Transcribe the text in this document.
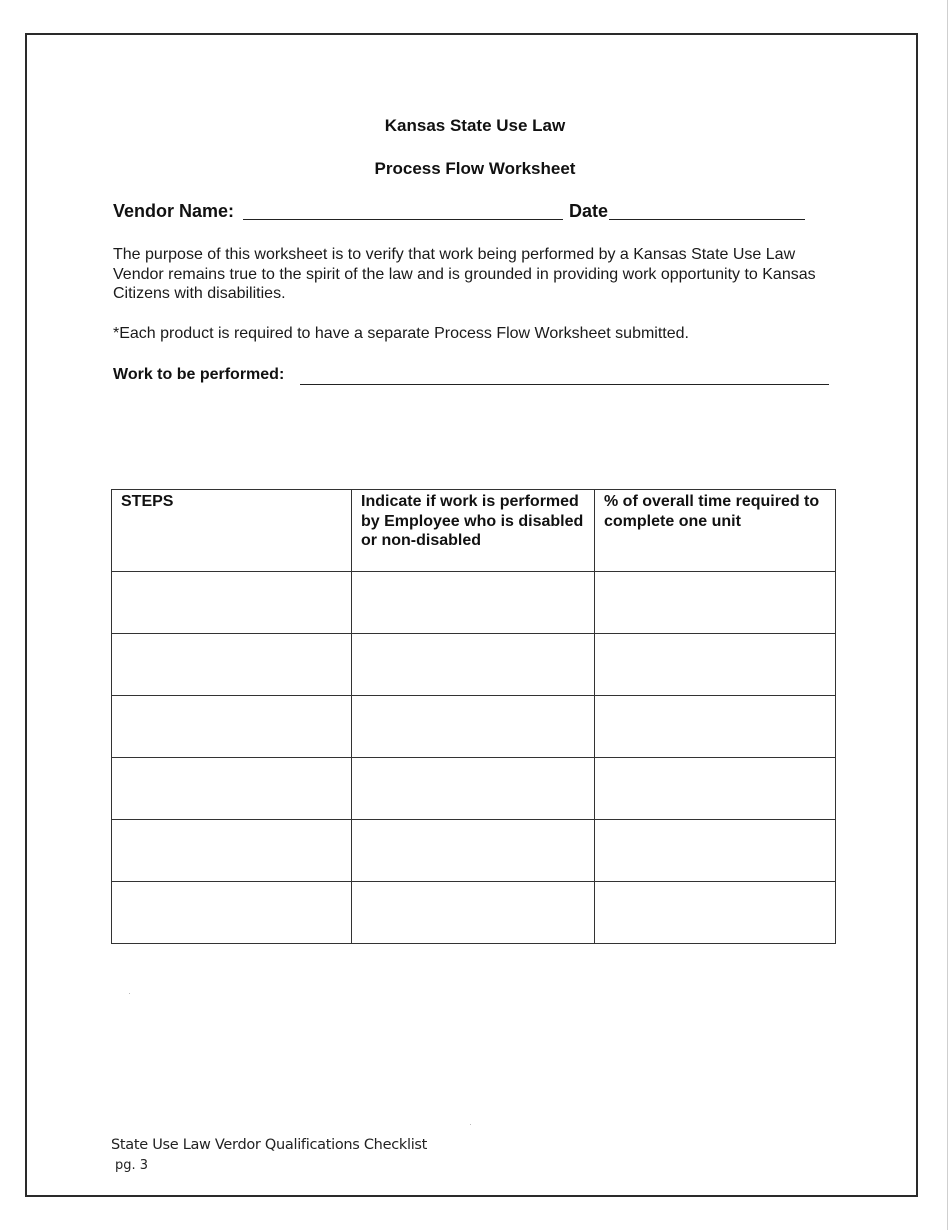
Kansas State Use Law
Process Flow Worksheet
Vendor Name:	Date
The purpose of this worksheet is to verify that work being performed by a Kansas State Use Law Vendor remains true to the spirit of the law and is grounded in providing work opportunity to Kansas Citizens with disabilities.
*Each product is required to have a separate Process Flow Worksheet submitted.
Work to be performed:
STEPS	Indicate if work is performed by Employee who is disabled or non-disabled	% of overall time required to complete one unit

State Use Law Verdor Qualifications Checklist
pg. 3
